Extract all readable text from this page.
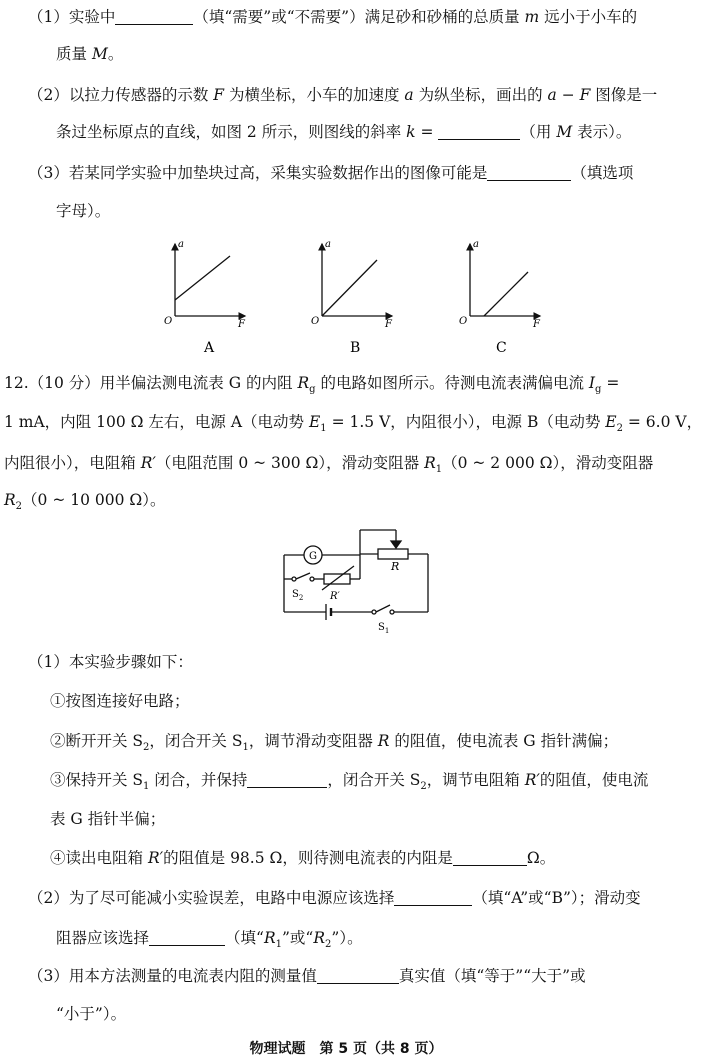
（1）实验中	（填“需要”或“不需要”）满足砂和砂桶的总质量 m 远小于小车的
质量 M。
（2）以拉力传感器的示数 F 为横坐标，小车的加速度 a 为纵坐标，画出的 a − F 图像是一
条过坐标原点的直线，如图 2 所示，则图线的斜率 k =	（用 M 表示）。
（3）若某同学实验中加垫块过高，采集实验数据作出的图像可能是	（填选项
字母）。
a
F
O
A
a
F
O
B
a
F
O
C
12.（10 分）用半偏法测电流表 G 的内阻 $R_g$ 的电路如图所示。待测电流表满偏电流 $I_g$ =
1 mA，内阻 100 Ω 左右，电源 A（电动势 $E_1 = 1.5$ V，内阻很小），电源 B（电动势 $E_2 = 6.0$ V，
内阻很小），电阻箱 R′（电阻范围 0 ~ 300 Ω），滑动变阻器 $R_1(0$ ~ 2 000 Ω），滑动变阻器
$R_2(0$ ~ 10 000 Ω）。
G
R
R′
$S_2$
$S_1$
（1）本实验步骤如下：
①按图连接好电路；
②断开开关 $S_2$，闭合开关 $S_1$，调节滑动变阻器 R 的阻值，使电流表 G 指针满偏；
③保持开关 $S_1$ 闭合，并保持	，闭合开关 $S_2$，调节电阻箱 R′的阻值，使电流
表 G 指针半偏；
④读出电阻箱 R′的阻值是 98.5 Ω，则待测电流表的内阻是	Ω。
（2）为了尽可能减小实验误差，电路中电源应该选择	（填“A”或“B”）；滑动变
阻器应该选择	（填“$R_1$”或“$R_2$”）。
（3）用本方法测量的电流表内阻的测量值	真实值（填“等于”“大于”或
“小于”）。
物理试题　第 5 页（共 8 页）
